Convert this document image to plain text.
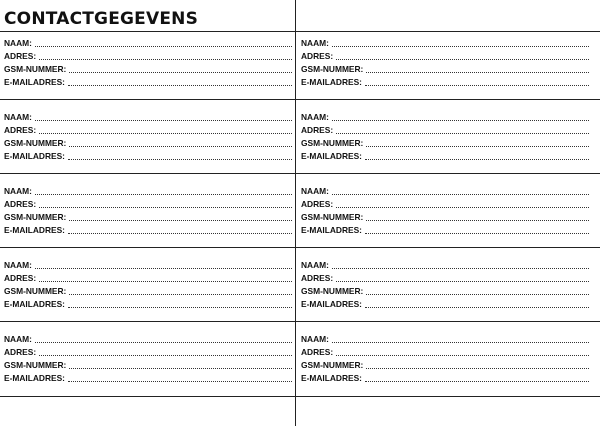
CONTACTGEGEVENS
NAAM:
ADRES:
GSM-NUMMER:
E-MAILADRES:
NAAM:
ADRES:
GSM-NUMMER:
E-MAILADRES:
NAAM:
ADRES:
GSM-NUMMER:
E-MAILADRES:
NAAM:
ADRES:
GSM-NUMMER:
E-MAILADRES:
NAAM:
ADRES:
GSM-NUMMER:
E-MAILADRES:
NAAM:
ADRES:
GSM-NUMMER:
E-MAILADRES:
NAAM:
ADRES:
GSM-NUMMER:
E-MAILADRES:
NAAM:
ADRES:
GSM-NUMMER:
E-MAILADRES:
NAAM:
ADRES:
GSM-NUMMER:
E-MAILADRES:
NAAM:
ADRES:
GSM-NUMMER:
E-MAILADRES:
